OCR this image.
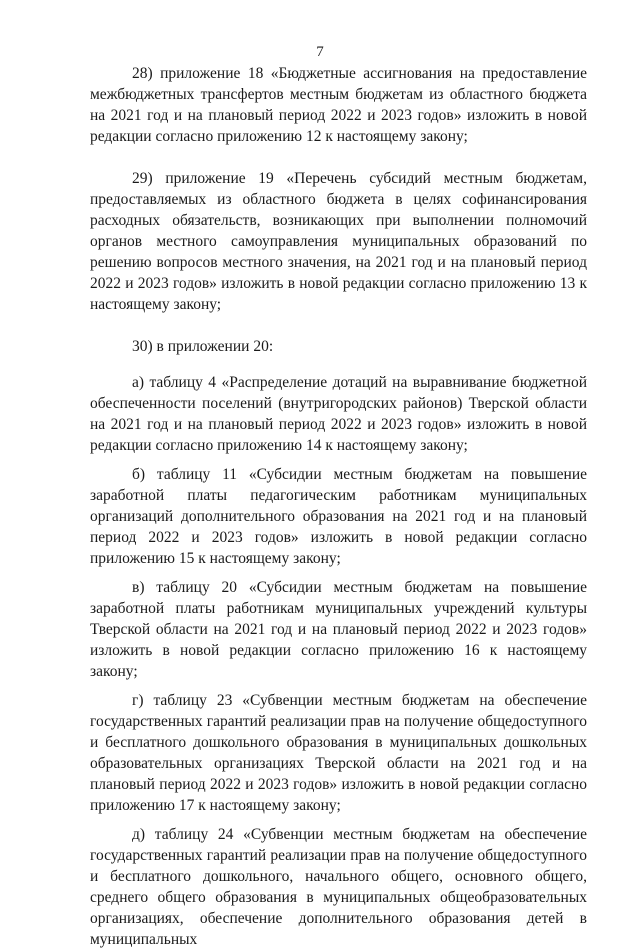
7

28) приложение 18 «Бюджетные ассигнования на предоставление межбюджетных трансфертов местным бюджетам из областного бюджета на 2021 год и на плановый период 2022 и 2023 годов» изложить в новой редакции согласно приложению 12 к настоящему закону;

29) приложение 19 «Перечень субсидий местным бюджетам, предоставляемых из областного бюджета в целях софинансирования расходных обязательств, возникающих при выполнении полномочий органов местного самоуправления муниципальных образований по решению вопросов местного значения, на 2021 год и на плановый период 2022 и 2023 годов» изложить в новой редакции согласно приложению 13 к настоящему закону;

30) в приложении 20:

а) таблицу 4 «Распределение дотаций на выравнивание бюджетной обеспеченности поселений (внутригородских районов) Тверской области на 2021 год и на плановый период 2022 и 2023 годов» изложить в новой редакции согласно приложению 14 к настоящему закону;

б) таблицу 11 «Субсидии местным бюджетам на повышение заработной платы педагогическим работникам муниципальных организаций дополнительного образования на 2021 год и на плановый период 2022 и 2023 годов» изложить в новой редакции согласно приложению 15 к настоящему закону;

в) таблицу 20 «Субсидии местным бюджетам на повышение заработной платы работникам муниципальных учреждений культуры Тверской области на 2021 год и на плановый период 2022 и 2023 годов» изложить в новой редакции согласно приложению 16 к настоящему закону;

г) таблицу 23 «Субвенции местным бюджетам на обеспечение государственных гарантий реализации прав на получение общедоступного и бесплатного дошкольного образования в муниципальных дошкольных образовательных организациях Тверской области на 2021 год и на плановый период 2022 и 2023 годов» изложить в новой редакции согласно приложению 17 к настоящему закону;

д) таблицу 24 «Субвенции местным бюджетам на обеспечение государственных гарантий реализации прав на получение общедоступного и бесплатного дошкольного, начального общего, основного общего, среднего общего образования в муниципальных общеобразовательных организациях, обеспечение дополнительного образования детей в муниципальных
